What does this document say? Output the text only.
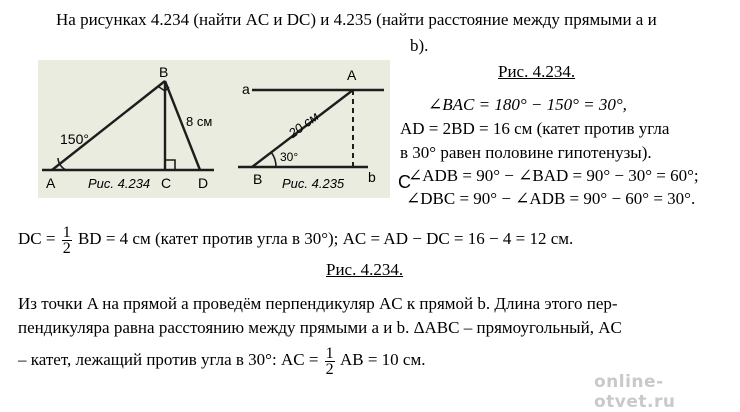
На рисунках 4.234 (найти AC и DC) и 4.235 (найти расстояние между прямыми a и
b).
150°
B
A	C D
8 см
Рис. 4.234
a
A
B	b
20 см
30°
Рис. 4.235	C
Рис. 4.234.
∠BAC = 180° − 150° = 30°,
AD = 2BD = 16 см (катет против угла
в 30° равен половине гипотенузы).
∠ADB = 90° − ∠BAD = 90° − 30° = 60°;
∠DBC = 90° − ∠ADB = 90° − 60° = 30°.
DC = $\frac{1}{2}$ BD = 4 см (катет против угла в 30°); AC = AD − DC = 16 − 4 = 12 см.
Рис. 4.234.
Из точки A на прямой a проведём перпендикуляр AC к прямой b. Длина этого пер-
пендикуляра равна расстоянию между прямыми a и b. ΔABC – прямоугольный, AC
– катет, лежащий против угла в 30°: AC = $\frac{1}{2}$ AB = 10 см.
online-otvet.ru
